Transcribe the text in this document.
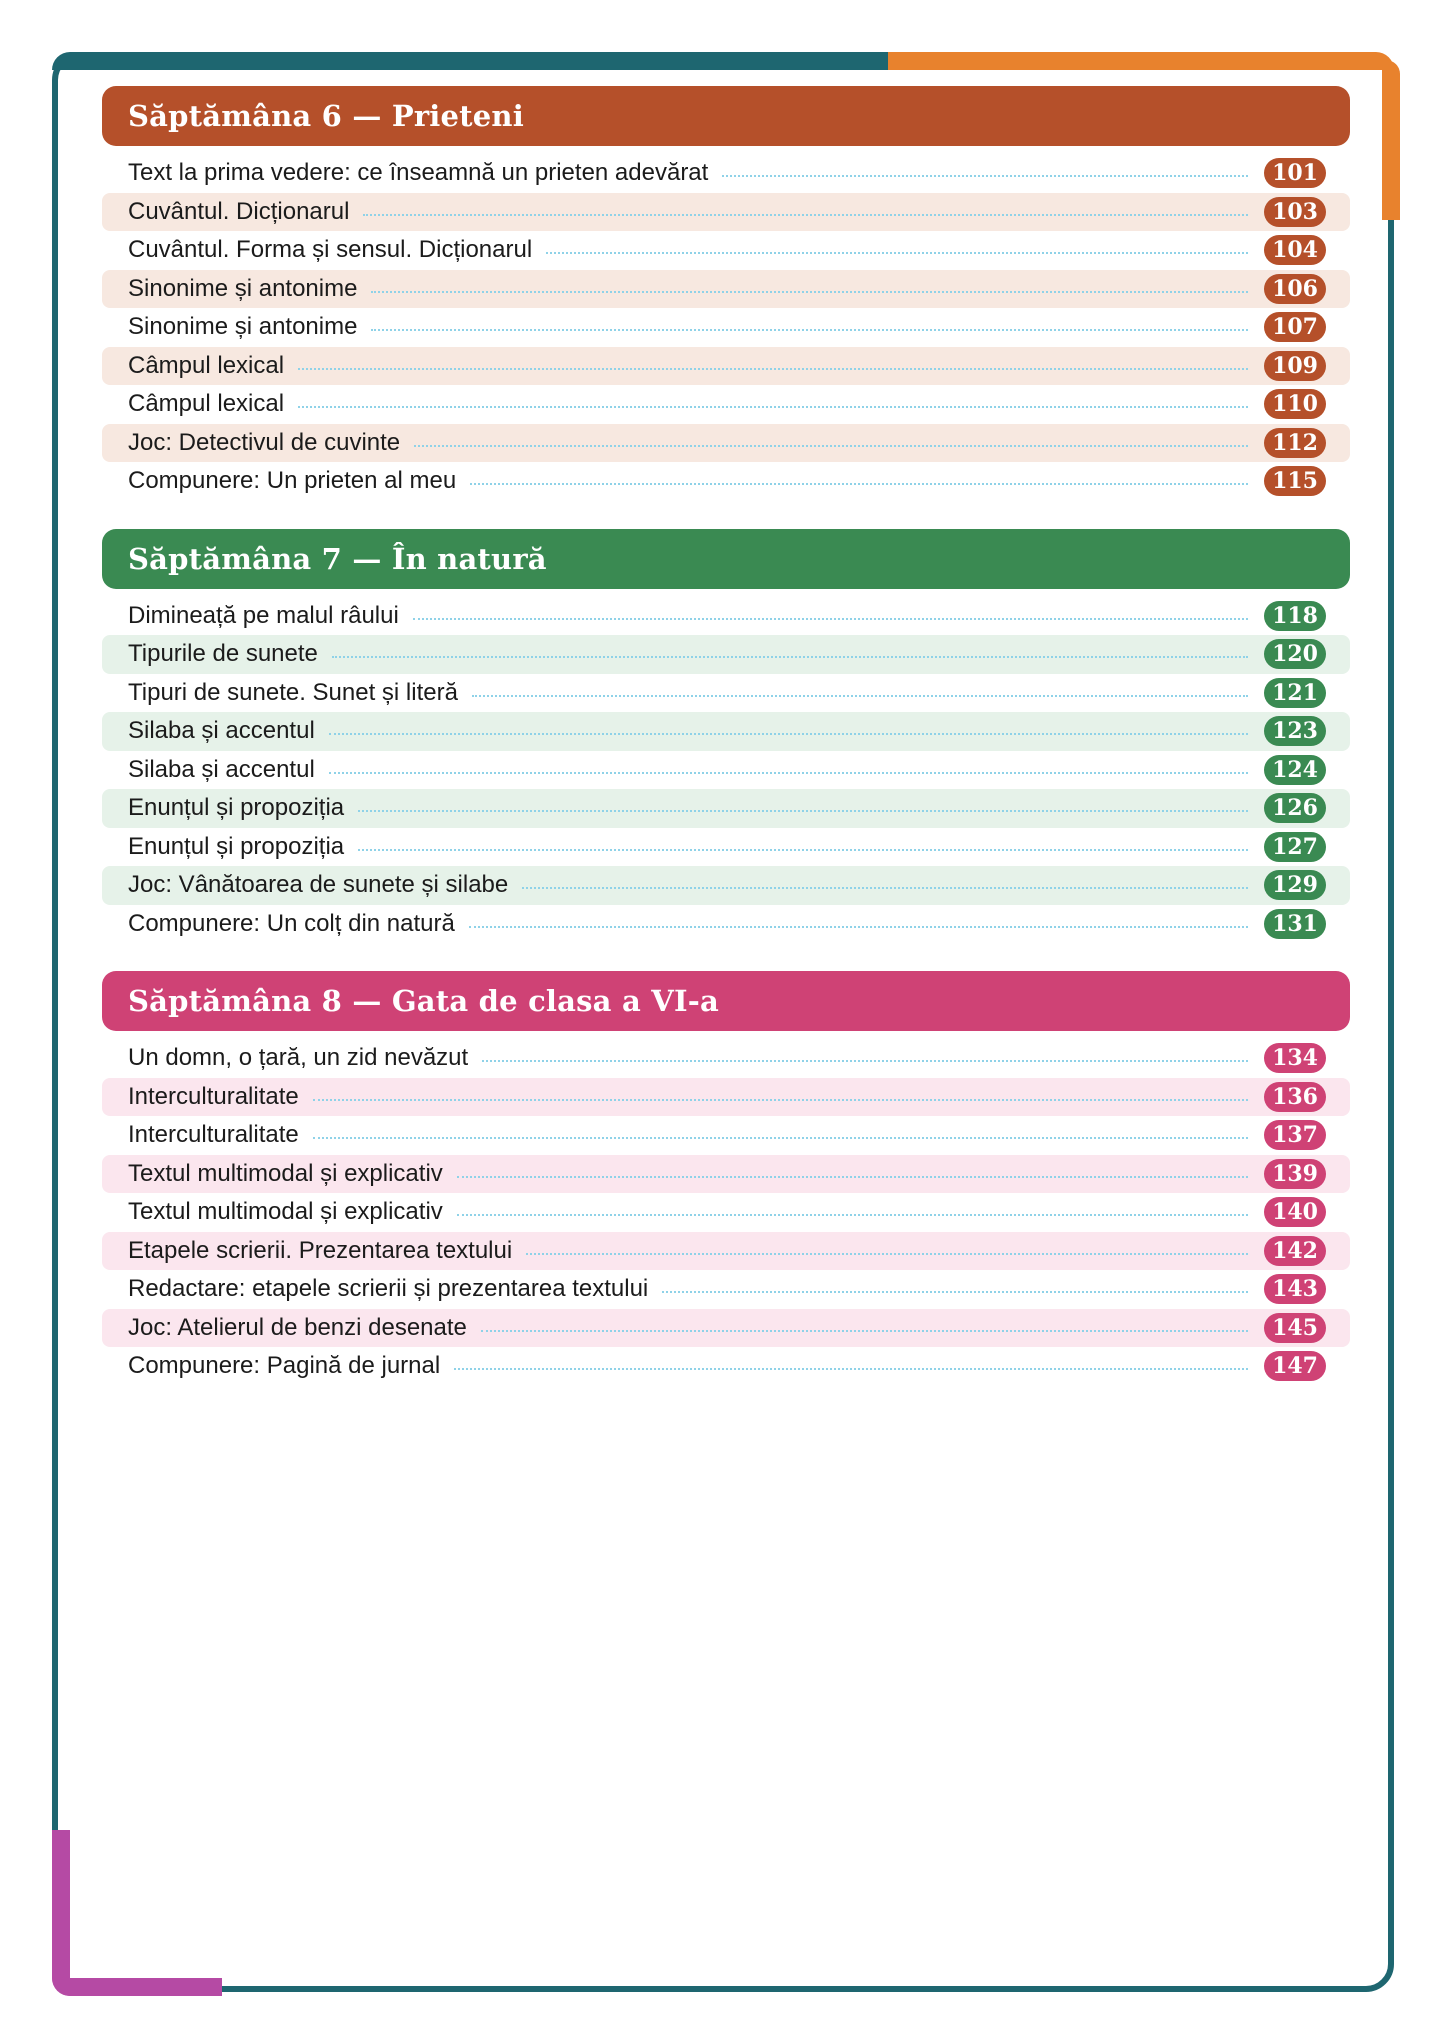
Săptămâna 6 — Prieteni
Text la prima vedere: ce înseamnă un prieten adevărat	101
Cuvântul. Dicționarul	103
Cuvântul. Forma și sensul. Dicționarul	104
Sinonime și antonime	106
Sinonime și antonime	107
Câmpul lexical	109
Câmpul lexical	110
Joc: Detectivul de cuvinte	112
Compunere: Un prieten al meu	115
Săptămâna 7 — În natură
Dimineață pe malul râului	118
Tipurile de sunete	120
Tipuri de sunete. Sunet și literă	121
Silaba și accentul	123
Silaba și accentul	124
Enunțul și propoziția	126
Enunțul și propoziția	127
Joc: Vânătoarea de sunete și silabe	129
Compunere: Un colț din natură	131
Săptămâna 8 — Gata de clasa a VI-a
Un domn, o țară, un zid nevăzut	134
Interculturalitate	136
Interculturalitate	137
Textul multimodal și explicativ	139
Textul multimodal și explicativ	140
Etapele scrierii. Prezentarea textului	142
Redactare: etapele scrierii și prezentarea textului	143
Joc: Atelierul de benzi desenate	145
Compunere: Pagină de jurnal	147
